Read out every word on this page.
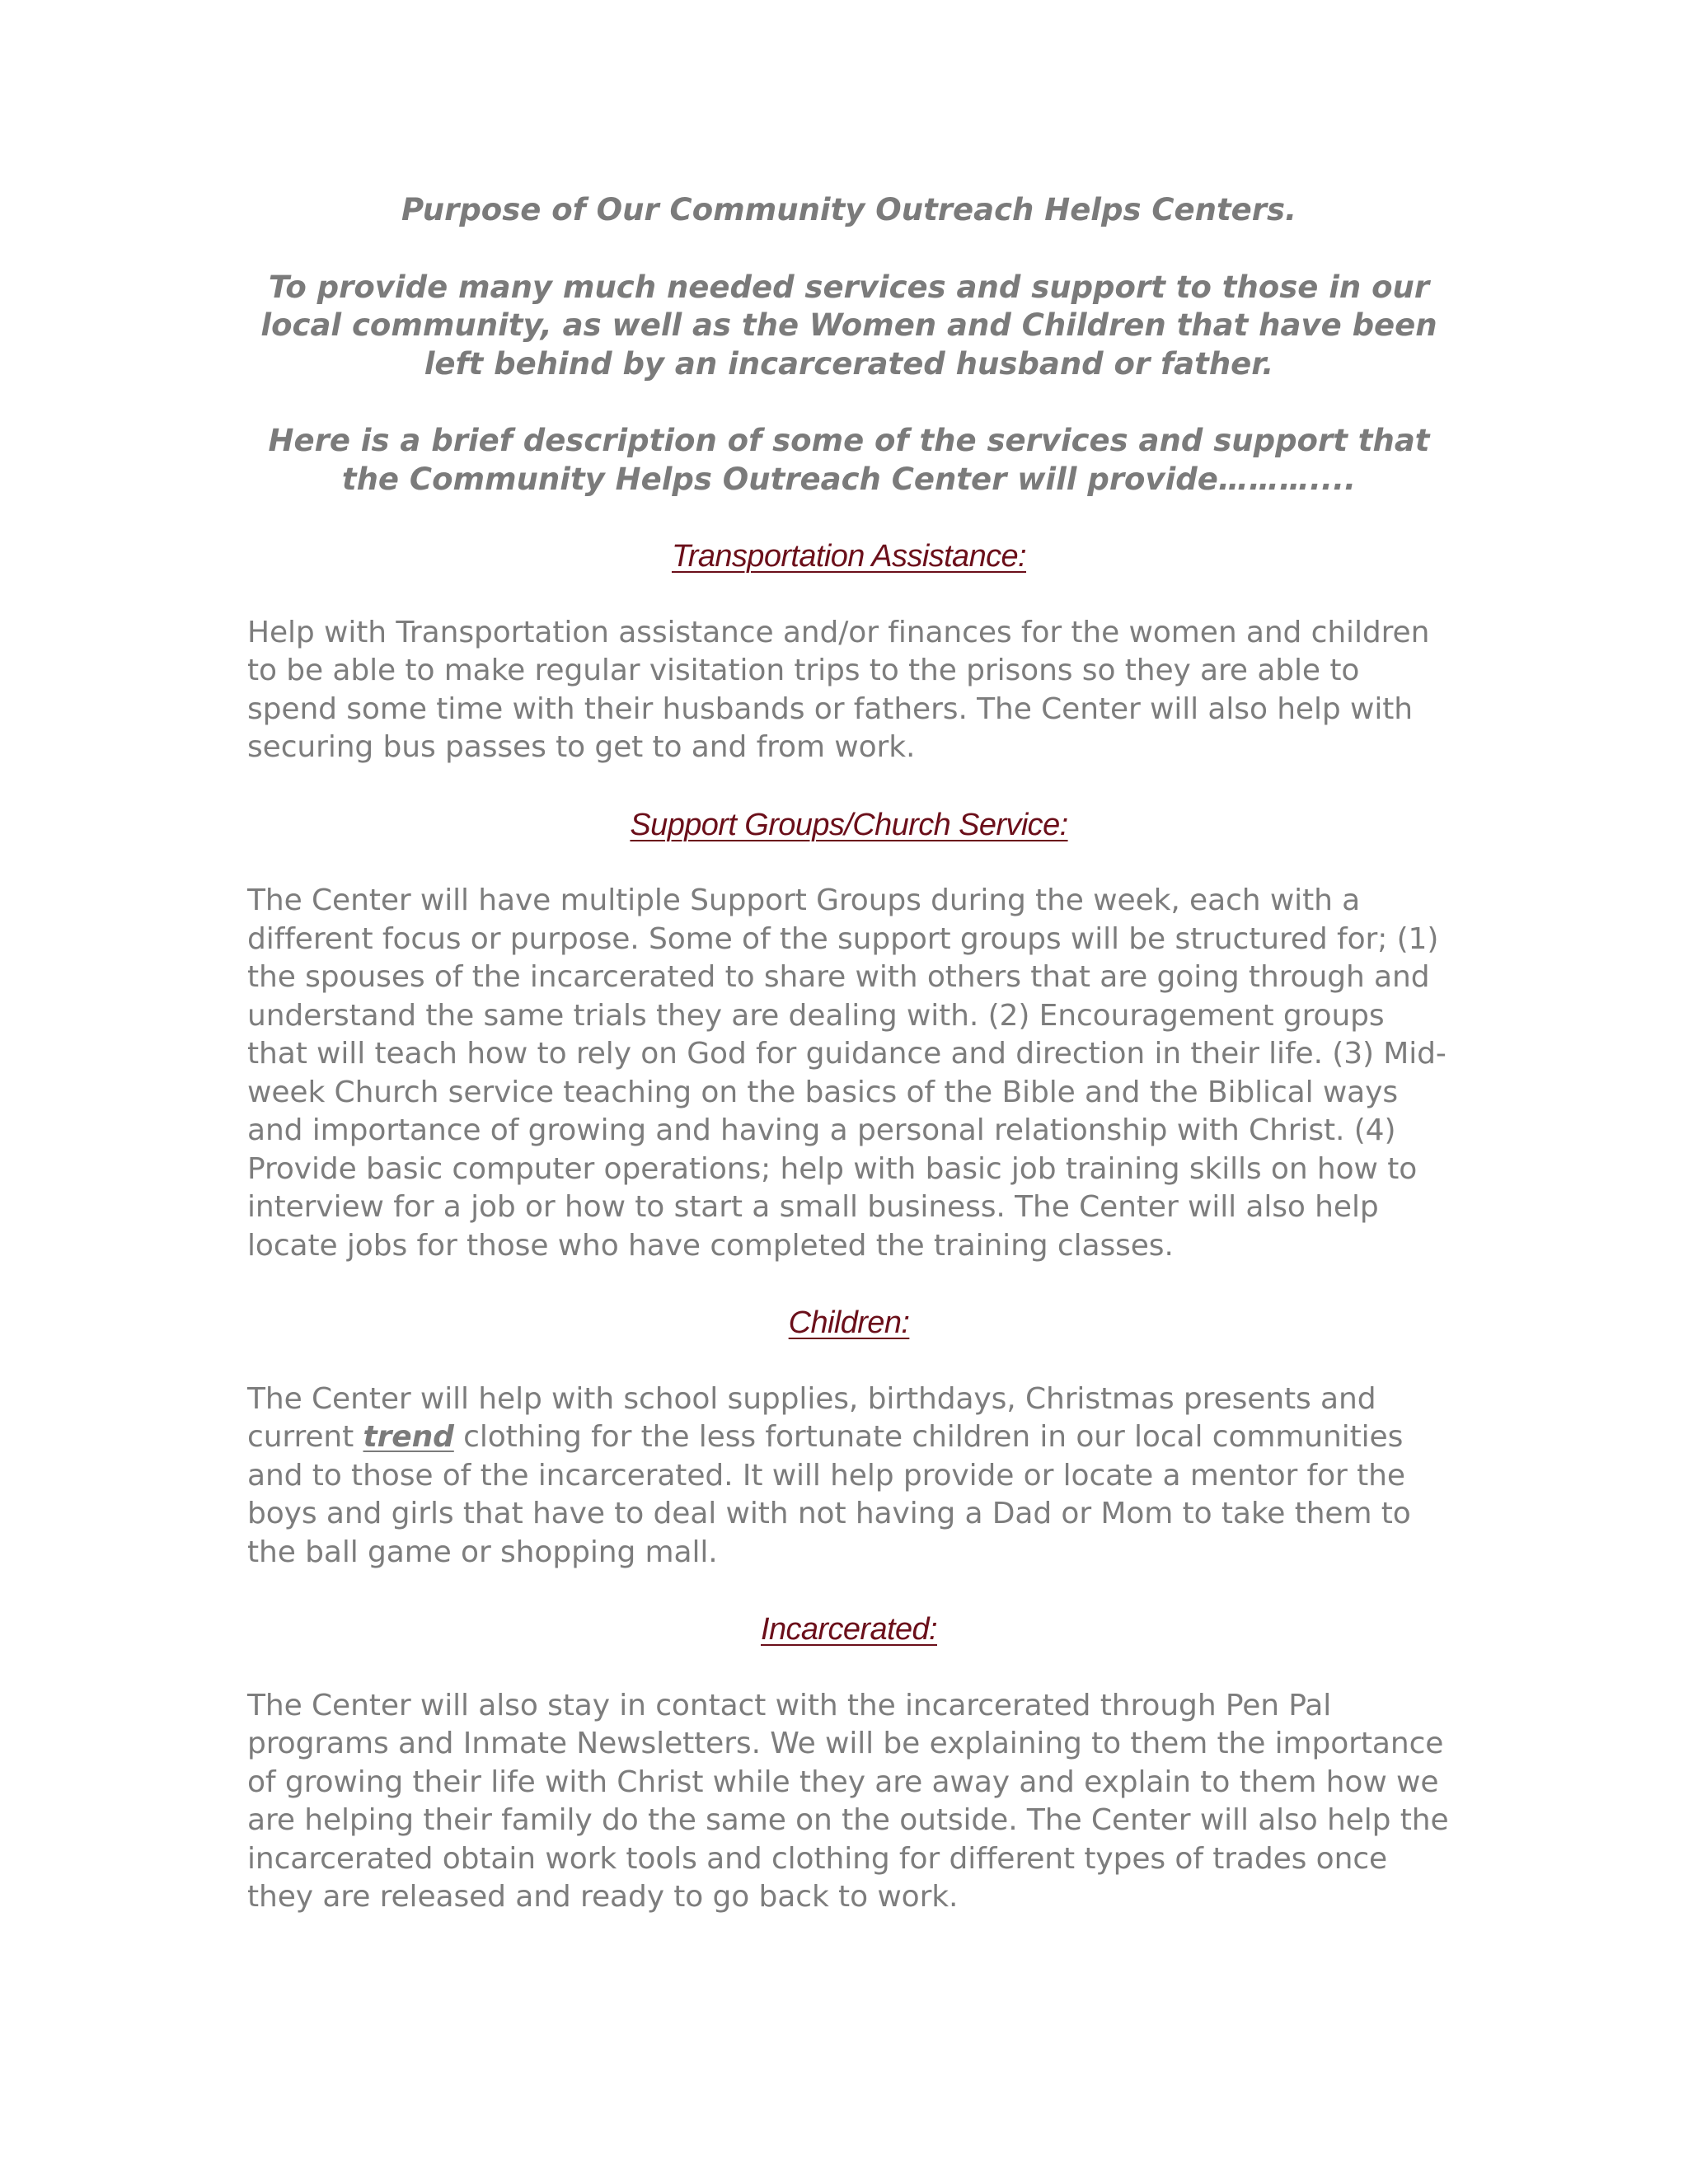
Purpose of Our Community Outreach Helps Centers.

To provide many much needed services and support to those in our local community, as well as the Women and Children that have been left behind by an incarcerated husband or father.

Here is a brief description of some of the services and support that the Community Helps Outreach Center will provide………....

Transportation Assistance:

Help with Transportation assistance and/or finances for the women and children to be able to make regular visitation trips to the prisons so they are able to spend some time with their husbands or fathers. The Center will also help with securing bus passes to get to and from work.

Support Groups/Church Service:

The Center will have multiple Support Groups during the week, each with a different focus or purpose. Some of the support groups will be structured for; (1) the spouses of the incarcerated to share with others that are going through and understand the same trials they are dealing with. (2) Encouragement groups that will teach how to rely on God for guidance and direction in their life. (3) Mid-week Church service teaching on the basics of the Bible and the Biblical ways and importance of growing and having a personal relationship with Christ. (4) Provide basic computer operations; help with basic job training skills on how to interview for a job or how to start a small business. The Center will also help locate jobs for those who have completed the training classes.

Children:

The Center will help with school supplies, birthdays, Christmas presents and current trend clothing for the less fortunate children in our local communities and to those of the incarcerated. It will help provide or locate a mentor for the boys and girls that have to deal with not having a Dad or Mom to take them to the ball game or shopping mall.

Incarcerated:

The Center will also stay in contact with the incarcerated through Pen Pal programs and Inmate Newsletters. We will be explaining to them the importance of growing their life with Christ while they are away and explain to them how we are helping their family do the same on the outside. The Center will also help the incarcerated obtain work tools and clothing for different types of trades once they are released and ready to go back to work.
